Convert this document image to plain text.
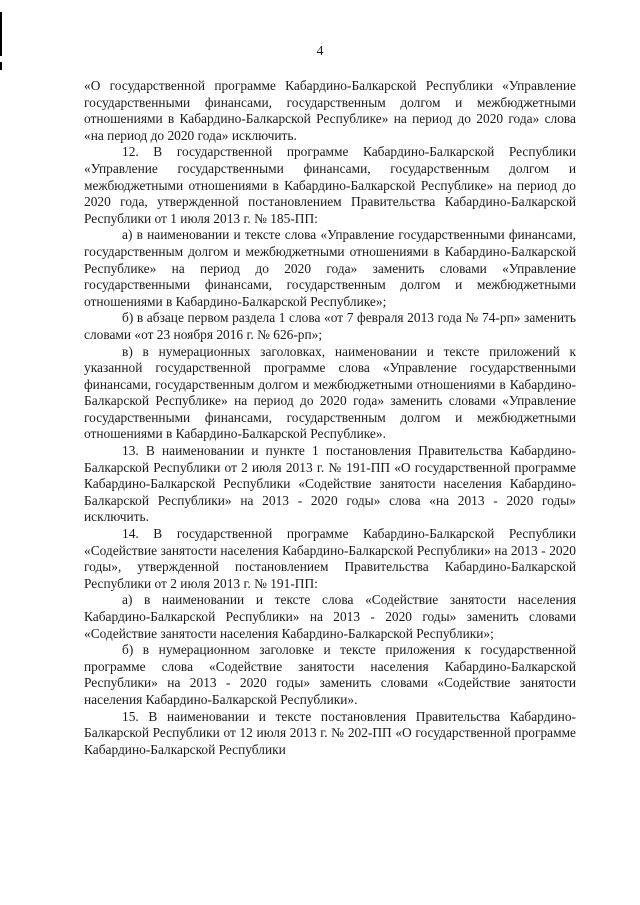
4

«О государственной программе Кабардино-Балкарской Республики «Управление государственными финансами, государственным долгом и межбюджетными отношениями в Кабардино-Балкарской Республике» на период до 2020 года» слова «на период до 2020 года» исключить.

12. В государственной программе Кабардино-Балкарской Республики «Управление государственными финансами, государственным долгом и межбюджетными отношениями в Кабардино-Балкарской Республике» на период до 2020 года, утвержденной постановлением Правительства Кабардино-Балкарской Республики от 1 июля 2013 г. № 185-ПП:

а) в наименовании и тексте слова «Управление государственными финансами, государственным долгом и межбюджетными отношениями в Кабардино-Балкарской Республике» на период до 2020 года» заменить словами «Управление государственными финансами, государственным долгом и межбюджетными отношениями в Кабардино-Балкарской Республике»;

б) в абзаце первом раздела 1 слова «от 7 февраля 2013 года № 74-рп» заменить словами «от 23 ноября 2016 г. № 626-рп»;

в) в нумерационных заголовках, наименовании и тексте приложений к указанной государственной программе слова «Управление государственными финансами, государственным долгом и межбюджетными отношениями в Кабардино-Балкарской Республике» на период до 2020 года» заменить словами «Управление государственными финансами, государственным долгом и межбюджетными отношениями в Кабардино-Балкарской Республике».

13. В наименовании и пункте 1 постановления Правительства Кабардино-Балкарской Республики от 2 июля 2013 г. № 191-ПП «О государственной программе Кабардино-Балкарской Республики «Содействие занятости населения Кабардино-Балкарской Республики» на 2013 - 2020 годы» слова «на 2013 - 2020 годы» исключить.

14. В государственной программе Кабардино-Балкарской Республики «Содействие занятости населения Кабардино-Балкарской Республики» на 2013 - 2020 годы», утвержденной постановлением Правительства Кабардино-Балкарской Республики от 2 июля 2013 г. № 191-ПП:

а) в наименовании и тексте слова «Содействие занятости населения Кабардино-Балкарской Республики» на 2013 - 2020 годы» заменить словами «Содействие занятости населения Кабардино-Балкарской Республики»;

б) в нумерационном заголовке и тексте приложения к государственной программе слова «Содействие занятости населения Кабардино-Балкарской Республики» на 2013 - 2020 годы» заменить словами «Содействие занятости населения Кабардино-Балкарской Республики».

15. В наименовании и тексте постановления Правительства Кабардино-Балкарской Республики от 12 июля 2013 г. № 202-ПП «О государственной программе Кабардино-Балкарской Республики
